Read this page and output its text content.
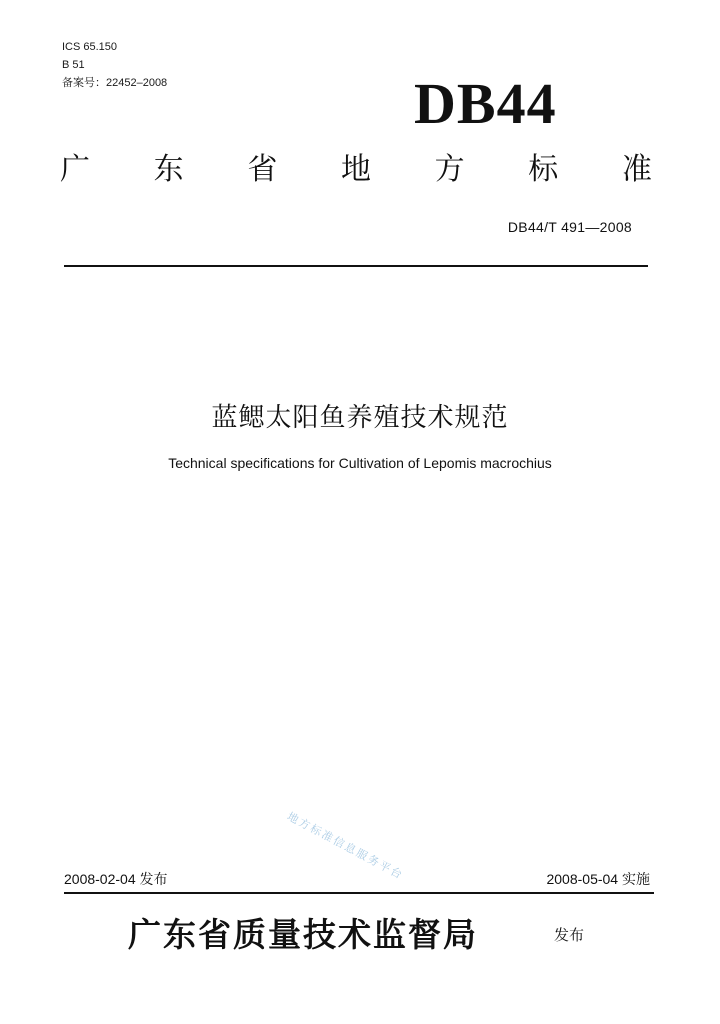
ICS 65.150
B 51
备案号：22452–2008	DB44
广 东 省 地 方 标 准
DB44/T 491—2008
蓝鳃太阳鱼养殖技术规范
Technical specifications for Cultivation of Lepomis macrochius
地方标准信息服务平台
2008-02-04 发布	2008-05-04 实施
广东省质量技术监督局	发布
